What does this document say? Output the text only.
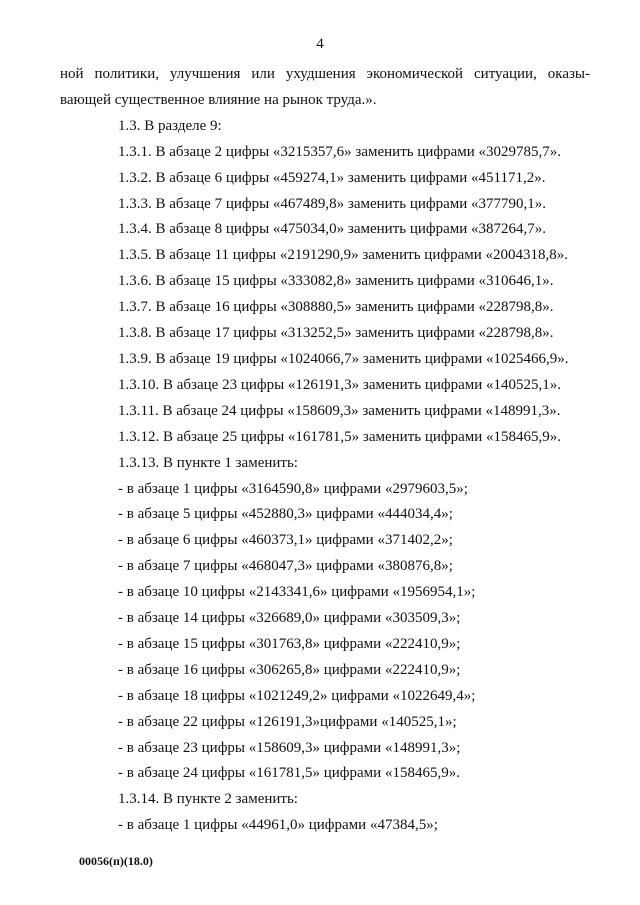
4
ной политики, улучшения или ухудшения экономической ситуации, оказы-
вающей существенное влияние на рынок труда.».
1.3. В разделе 9:
1.3.1. В абзаце 2 цифры «3215357,6» заменить цифрами «3029785,7».
1.3.2. В абзаце 6 цифры «459274,1» заменить цифрами «451171,2».
1.3.3. В абзаце 7 цифры «467489,8» заменить цифрами «377790,1».
1.3.4. В абзаце 8 цифры «475034,0» заменить цифрами «387264,7».
1.3.5. В абзаце 11 цифры «2191290,9» заменить цифрами «2004318,8».
1.3.6. В абзаце 15 цифры «333082,8» заменить цифрами «310646,1».
1.3.7. В абзаце 16 цифры «308880,5» заменить цифрами «228798,8».
1.3.8. В абзаце 17 цифры «313252,5» заменить цифрами «228798,8».
1.3.9. В абзаце 19 цифры «1024066,7» заменить цифрами «1025466,9».
1.3.10. В абзаце 23 цифры «126191,3» заменить цифрами «140525,1».
1.3.11. В абзаце 24 цифры «158609,3» заменить цифрами «148991,3».
1.3.12. В абзаце 25 цифры «161781,5» заменить цифрами «158465,9».
1.3.13. В пункте 1 заменить:
- в абзаце 1 цифры «3164590,8» цифрами «2979603,5»;
- в абзаце 5 цифры «452880,3» цифрами «444034,4»;
- в абзаце 6 цифры «460373,1» цифрами «371402,2»;
- в абзаце 7 цифры «468047,3» цифрами «380876,8»;
- в абзаце 10 цифры «2143341,6» цифрами «1956954,1»;
- в абзаце 14 цифры «326689,0» цифрами «303509,3»;
- в абзаце 15 цифры «301763,8» цифрами «222410,9»;
- в абзаце 16 цифры «306265,8» цифрами «222410,9»;
- в абзаце 18 цифры «1021249,2» цифрами «1022649,4»;
- в абзаце 22 цифры «126191,3»цифрами «140525,1»;
- в абзаце 23 цифры «158609,3» цифрами «148991,3»;
- в абзаце 24 цифры «161781,5» цифрами «158465,9».
1.3.14. В пункте 2 заменить:
- в абзаце 1 цифры «44961,0» цифрами «47384,5»;
00056(п)(18.0)
